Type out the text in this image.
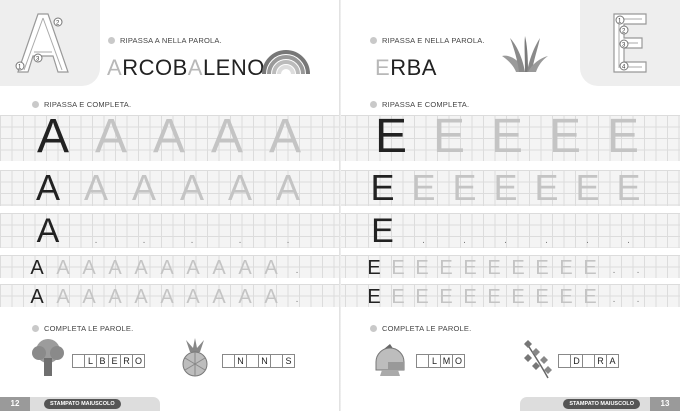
2
1
3
RIPASSA A NELLA PAROLA.
ARCOBALENO
RIPASSA E COMPLETA.
A A A A A
A A A A A A
A	·	·	·	·	·
A A A A A A A A A A	·
A A A A A A A A A A	·
COMPLETA LE PAROLE.
L B E R O	N	N	S
12	STAMPATO MAIUSCOLO
1
2
3
4
RIPASSA E NELLA PAROLA.
ERBA
RIPASSA E COMPLETA.
E E E E E
E E E E E E E
E	·	·	·	·	·	·
E E E E E E E E E E	·	·
E E E E E E E E E E	·	·
COMPLETA LE PAROLE.
L M O	D	R A
13
STAMPATO MAIUSCOLO
